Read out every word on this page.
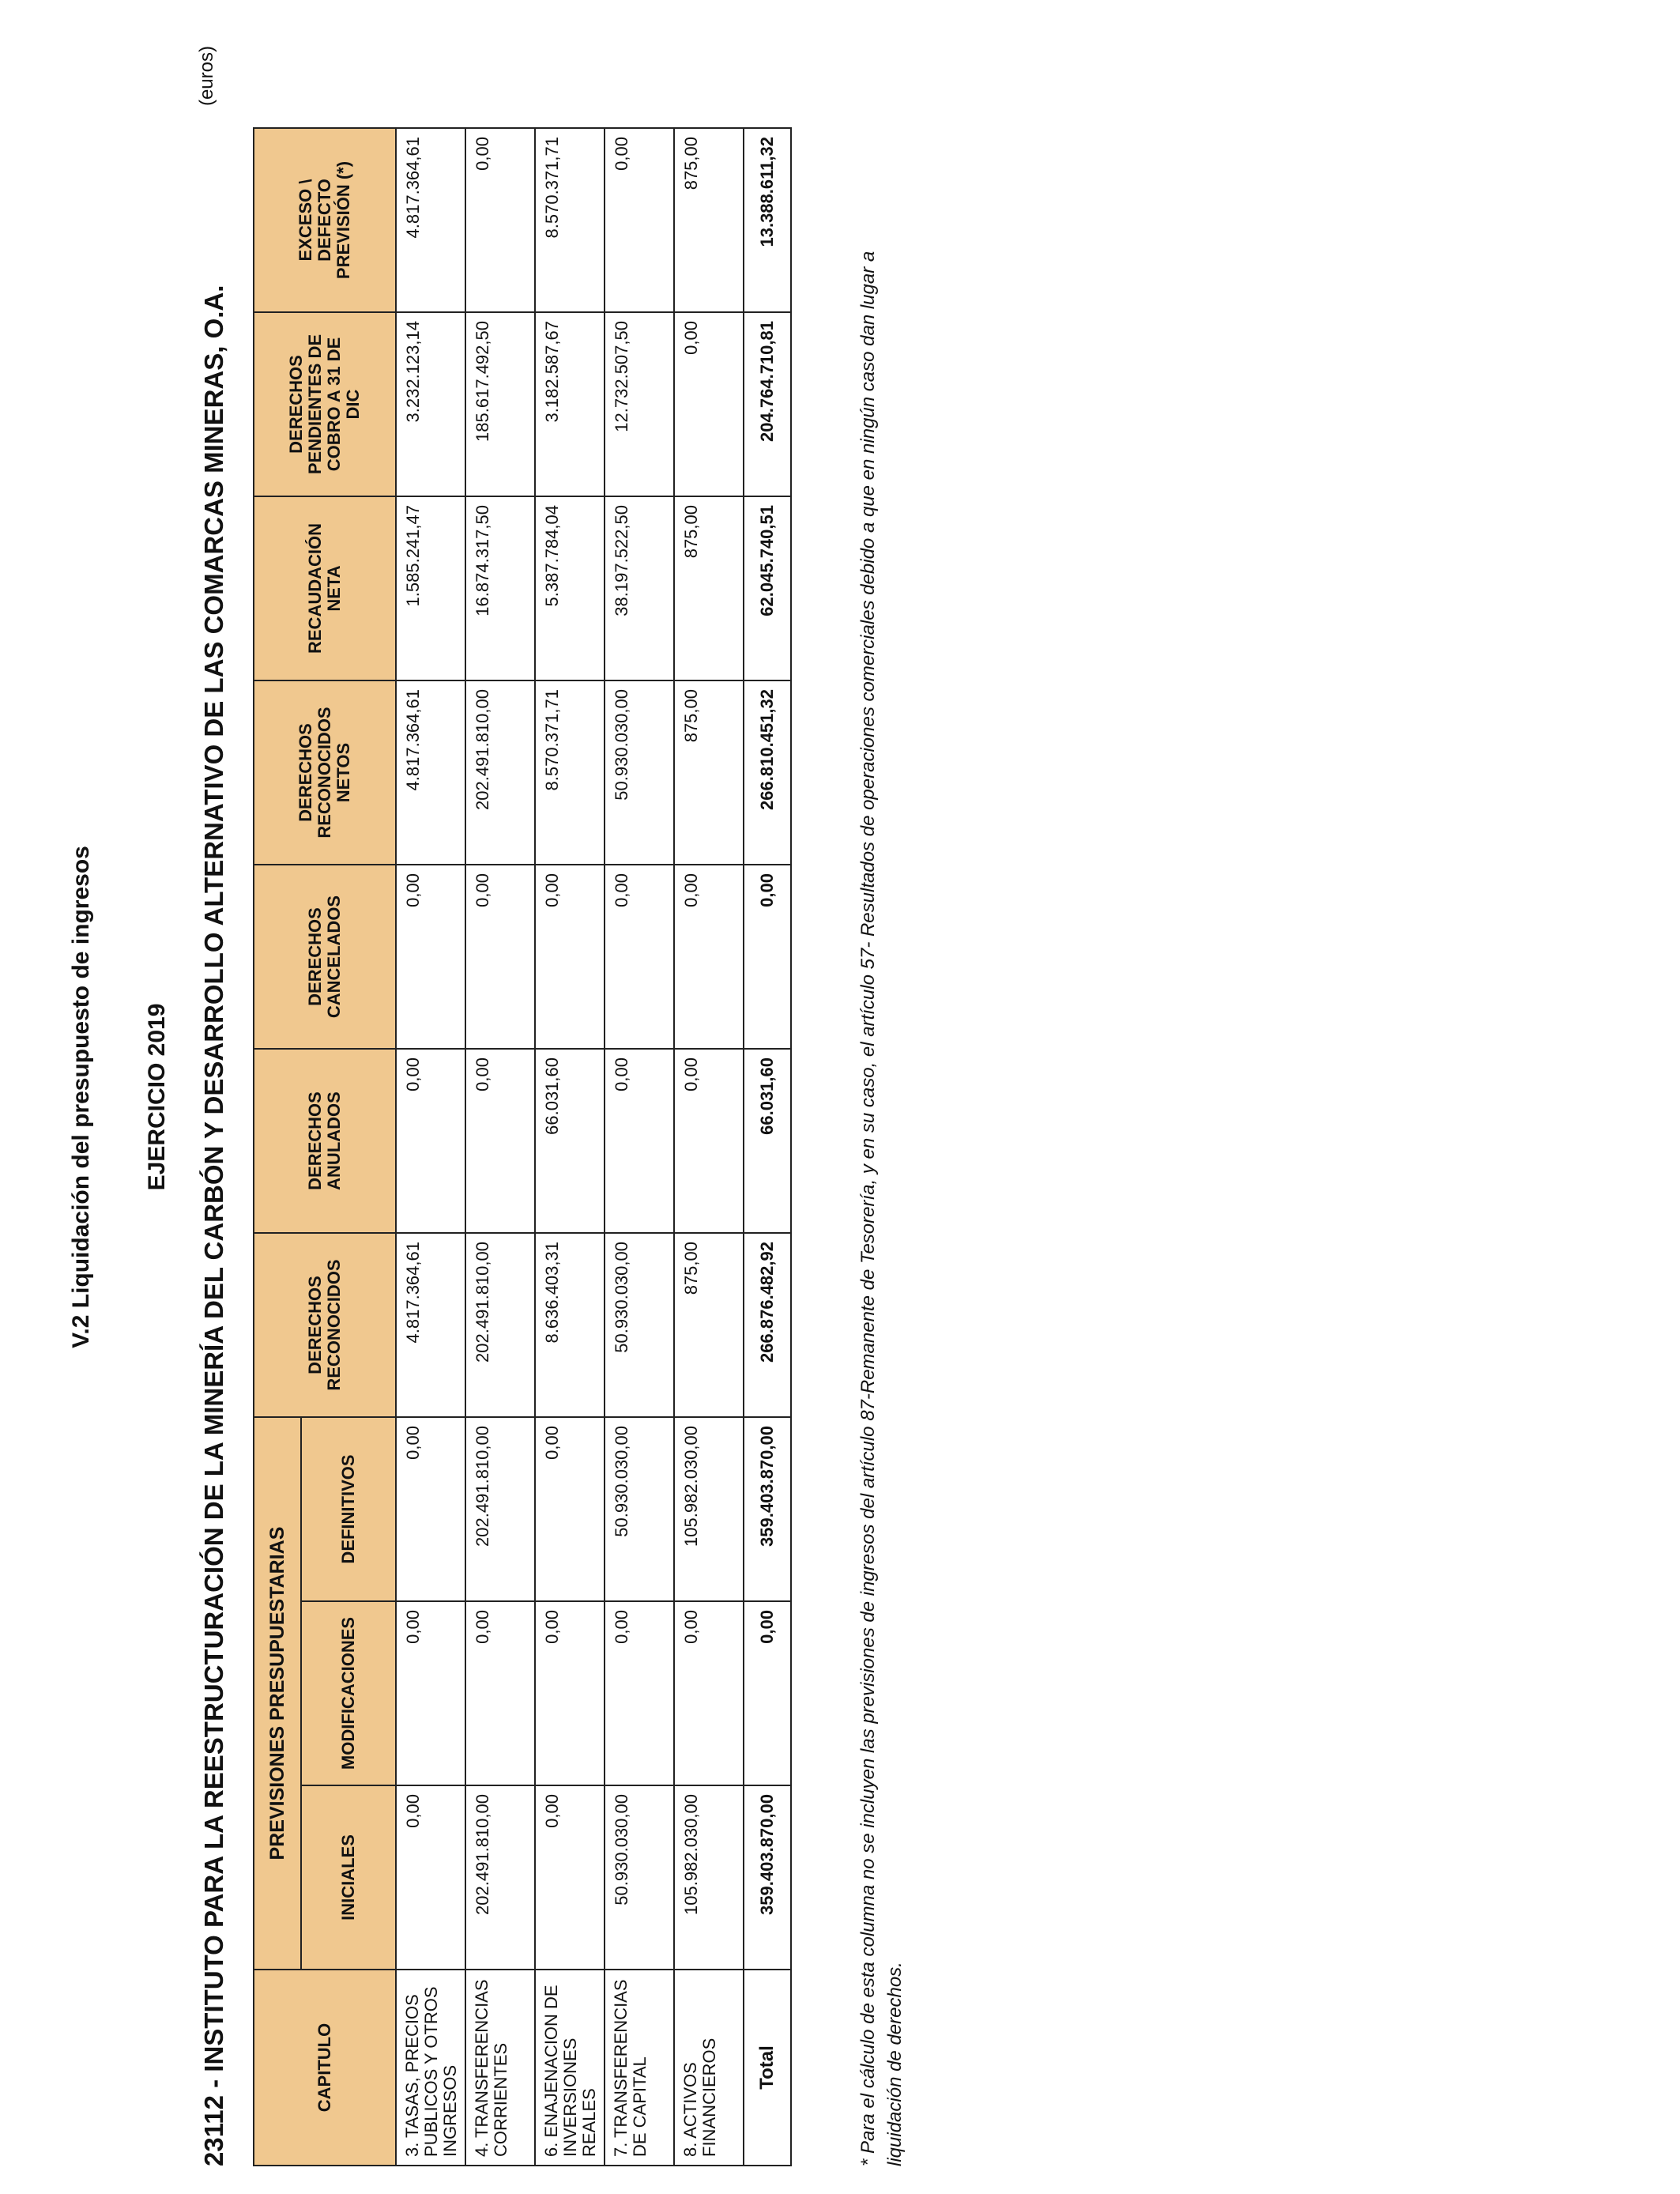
V.2 Liquidación del presupuesto de ingresos EJERCICIO 2019 23112 - INSTITUTO PARA LA REESTRUCTURACIÓN DE LA MINERÍA DEL CARBÓN Y DESARROLLO ALTERNATIVO DE LAS COMARCAS MINERAS, O.A.
(euros)
CAPITULO	PREVISIONES PRESUPUESTARIAS			DERECHOS RECONOCIDOS	DERECHOS ANULADOS	DERECHOS CANCELADOS	DERECHOS RECONOCIDOS NETOS	RECAUDACIÓN NETA	DERECHOS PENDIENTES DE COBRO A 31 DE DIC	EXCESO \ DEFECTO PREVISIÓN (*)
	INICIALES	MODIFICACIONES	DEFINITIVOS							
3. TASAS, PRECIOS PUBLICOS Y OTROS INGRESOS	0,00	0,00	0,00	4.817.364,61	0,00	0,00	4.817.364,61	1.585.241,47	3.232.123,14	4.817.364,61
4. TRANSFERENCIAS CORRIENTES	202.491.810,00	0,00	202.491.810,00	202.491.810,00	0,00	0,00	202.491.810,00	16.874.317,50	185.617.492,50	0,00
6. ENAJENACION DE INVERSIONES REALES	0,00	0,00	0,00	8.636.403,31	66.031,60	0,00	8.570.371,71	5.387.784,04	3.182.587,67	8.570.371,71
7. TRANSFERENCIAS DE CAPITAL	50.930.030,00	0,00	50.930.030,00	50.930.030,00	0,00	0,00	50.930.030,00	38.197.522,50	12.732.507,50	0,00
8. ACTIVOS FINANCIEROS	105.982.030,00	0,00	105.982.030,00	875,00	0,00	0,00	875,00	875,00	0,00	875,00
Total	359.403.870,00	0,00	359.403.870,00	266.876.482,92	66.031,60	0,00	266.810.451,32	62.045.740,51	204.764.710,81	13.388.611,32
* Para el cálculo de esta columna no se incluyen las previsiones de ingresos del artículo 87-Remanente de Tesorería, y en su caso, el artículo 57- Resultados de operaciones comerciales debido a que en ningún caso dan lugar a liquidación de derechos.
